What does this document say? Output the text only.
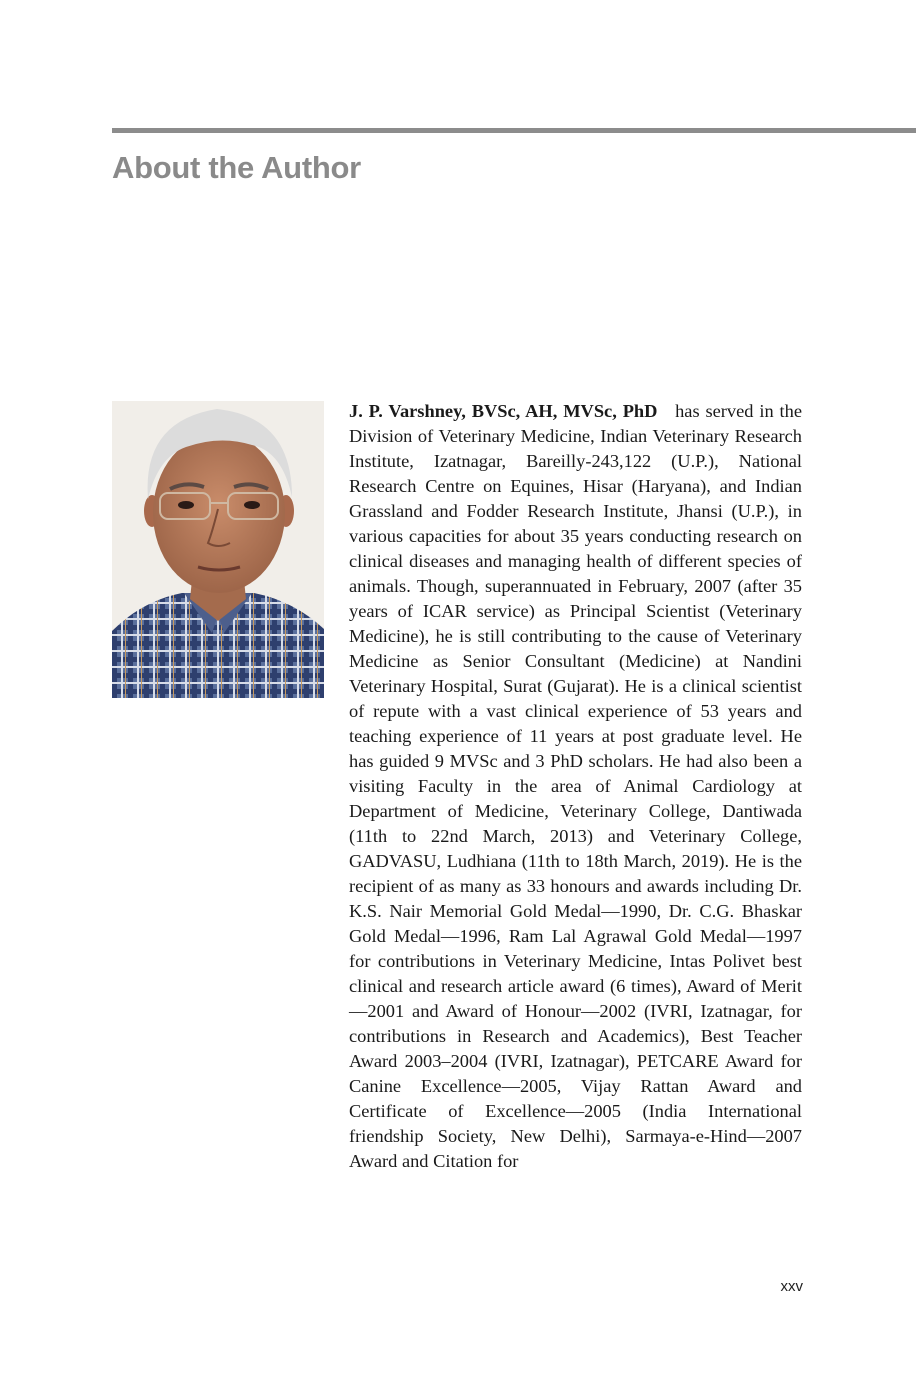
About the Author

J. P. Varshney, BVSc, AH, MVSc, PhD has served in the Division of Veterinary Medicine, Indian Veterinary Research Institute, Izatnagar, Bareilly-243,122 (U.P.), National Research Centre on Equines, Hisar (Haryana), and Indian Grassland and Fodder Research Institute, Jhansi (U.P.), in various capacities for about 35 years conducting research on clinical diseases and managing health of different species of animals. Though, superannuated in February, 2007 (after 35 years of ICAR service) as Principal Scientist (Veterinary Medicine), he is still contributing to the cause of Veterinary Medicine as Senior Consultant (Medicine) at Nandini Veterinary Hospital, Surat (Gujarat). He is a clinical scientist of repute with a vast clinical experience of 53 years and teaching experience of 11 years at post graduate level. He has guided 9 MVSc and 3 PhD scholars. He had also been a visiting Faculty in the area of Animal Cardiology at Department of Medicine, Veterinary College, Dantiwada (11th to 22nd March, 2013) and Veterinary College, GADVASU, Ludhiana (11th to 18th March, 2019). He is the recipient of as many as 33 honours and awards including Dr. K.S. Nair Memorial Gold Medal—1990, Dr. C.G. Bhaskar Gold Medal—1996, Ram Lal Agrawal Gold Medal—1997 for contributions in Veterinary Medicine, Intas Polivet best clinical and research article award (6 times), Award of Merit—2001 and Award of Honour—2002 (IVRI, Izatnagar, for contributions in Research and Academics), Best Teacher Award 2003–2004 (IVRI, Izatnagar), PETCARE Award for Canine Excellence—2005, Vijay Rattan Award and Certificate of Excellence—2005 (India International friendship Society, New Delhi), Sarmaya-e-Hind—2007 Award and Citation for

xxv
